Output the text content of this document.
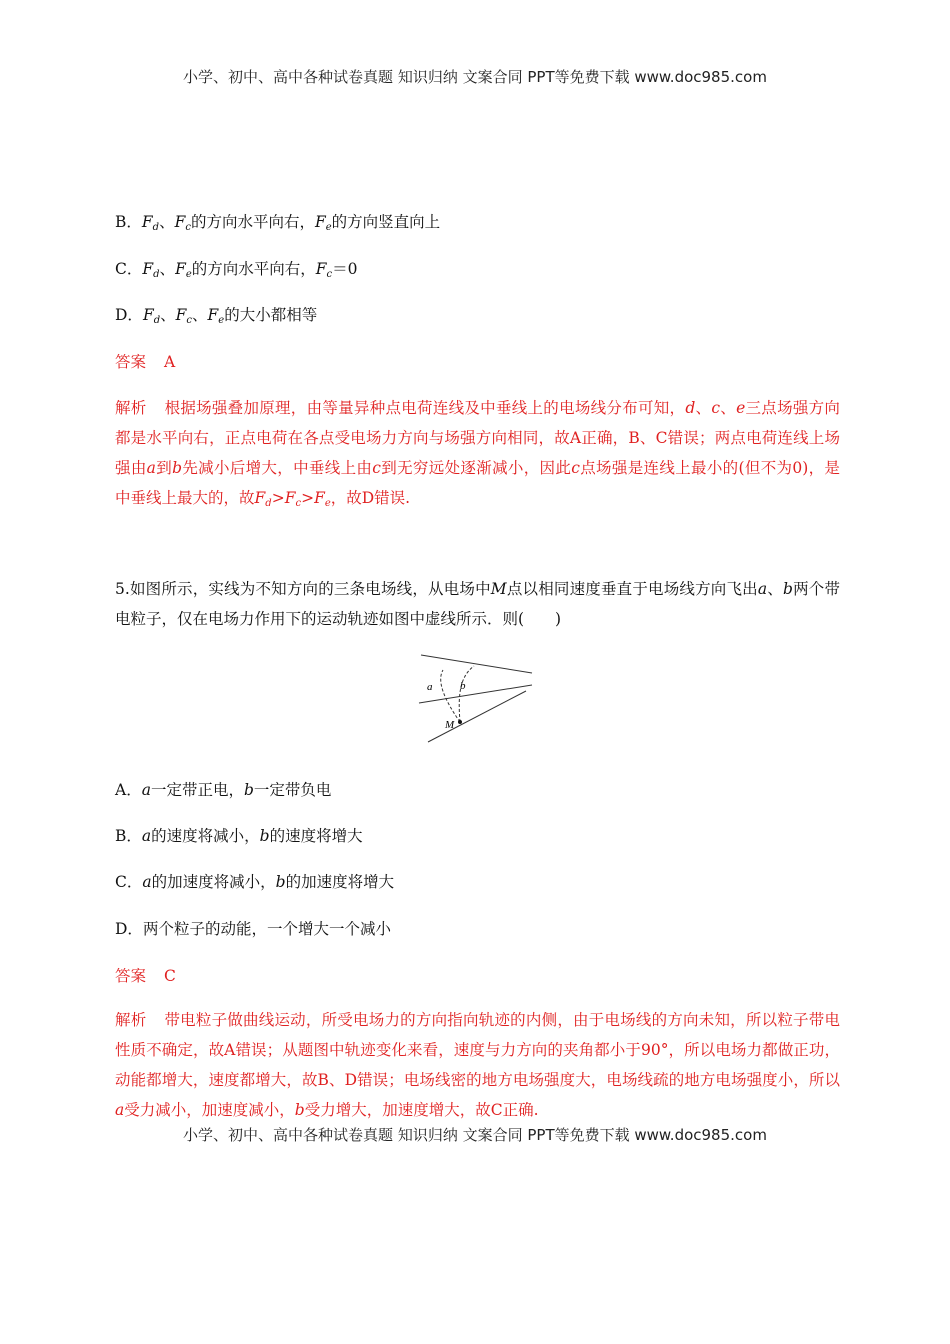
小学、初中、高中各种试卷真题 知识归纳 文案合同 PPT等免费下载 www.doc985.com
B．$F_d$、$F_c$的方向水平向右，$F_e$的方向竖直向上
C．$F_d$、$F_e$的方向水平向右，$F_c=0$
D．$F_d$、$F_c$、$F_e$的大小都相等
答案 A
解析 根据场强叠加原理，由等量异种点电荷连线及中垂线上的电场线分布可知，d、c、e三点场强方向都是水平向右，正点电荷在各点受电场力方向与场强方向相同，故A正确，B、C错误；两点电荷连线上场强由a到b先减小后增大，中垂线上由c到无穷远处逐渐减小，因此c点场强是连线上最小的(但不为0)，是中垂线上最大的，故$F_d>F_c>F_e$，故D错误.
5.如图所示，实线为不知方向的三条电场线，从电场中M点以相同速度垂直于电场线方向飞出a、b两个带电粒子，仅在电场力作用下的运动轨迹如图中虚线所示．则(　　)
a	b
M
A．a一定带正电，b一定带负电
B．a的速度将减小，b的速度将增大
C．a的加速度将减小，b的加速度将增大
D．两个粒子的动能，一个增大一个减小
答案 C
解析 带电粒子做曲线运动，所受电场力的方向指向轨迹的内侧，由于电场线的方向未知，所以粒子带电性质不确定，故A错误；从题图中轨迹变化来看，速度与力方向的夹角都小于90°，所以电场力都做正功，动能都增大，速度都增大，故B、D错误；电场线密的地方电场强度大，电场线疏的地方电场强度小，所以a受力减小，加速度减小，b受力增大，加速度增大，故C正确.
小学、初中、高中各种试卷真题 知识归纳 文案合同 PPT等免费下载 www.doc985.com
